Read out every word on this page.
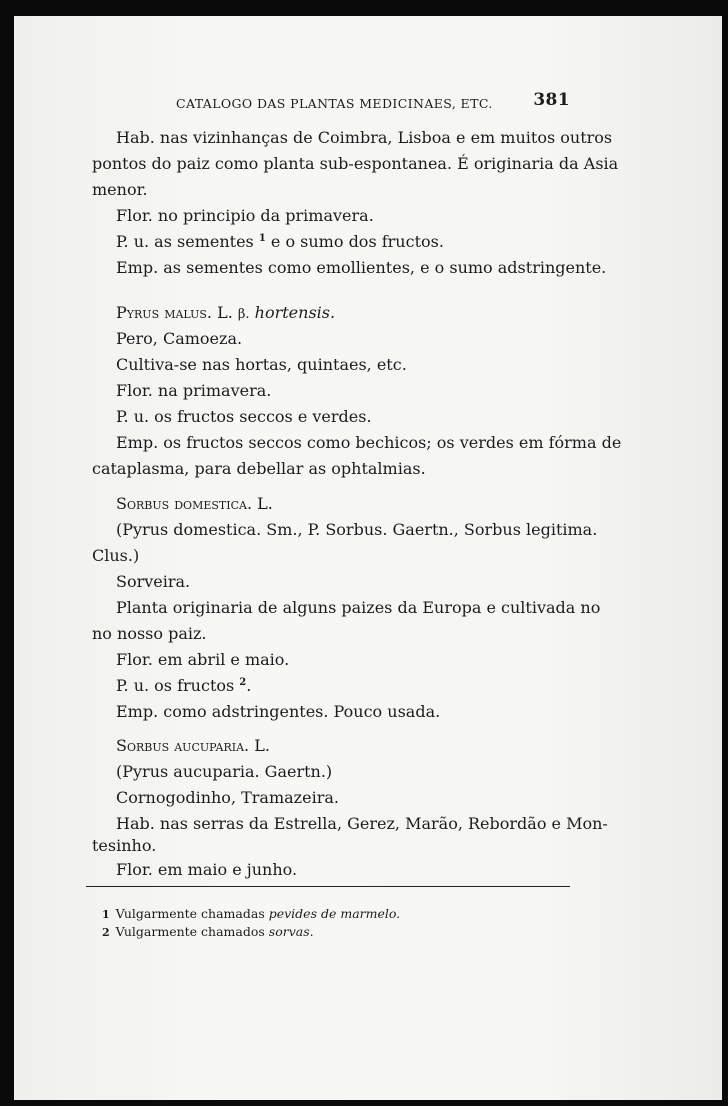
CATALOGO DAS PLANTAS MEDICINAES, ETC. 381
Hab. nas vizinhanças de Coimbra, Lisboa e em muitos outros
pontos do paiz como planta sub-espontanea. É originaria da Asia
menor.
Flor. no principio da primavera.
P. u. as sementes $^1$ e o sumo dos fructos.
Emp. as sementes como emollientes, e o sumo adstringente.
Pyrus malus. L. β. hortensis.
Pero, Camoeza.
Cultiva-se nas hortas, quintaes, etc.
Flor. na primavera.
P. u. os fructos seccos e verdes.
Emp. os fructos seccos como bechicos; os verdes em fórma de
cataplasma, para debellar as ophtalmias.
Sorbus domestica. L.
(Pyrus domestica. Sm., P. Sorbus. Gaertn., Sorbus legitima.
Clus.)
Sorveira.
Planta originaria de alguns paizes da Europa e cultivada no
no nosso paiz.
Flor. em abril e maio.
P. u. os fructos $^2$.
Emp. como adstringentes. Pouco usada.
Sorbus aucuparia. L.
(Pyrus aucuparia. Gaertn.)
Cornogodinho, Tramazeira.
Hab. nas serras da Estrella, Gerez, Marão, Rebordão e Mon-
tesinho.
Flor. em maio e junho.
1 Vulgarmente chamadas pevides de marmelo.
2 Vulgarmente chamados sorvas.
